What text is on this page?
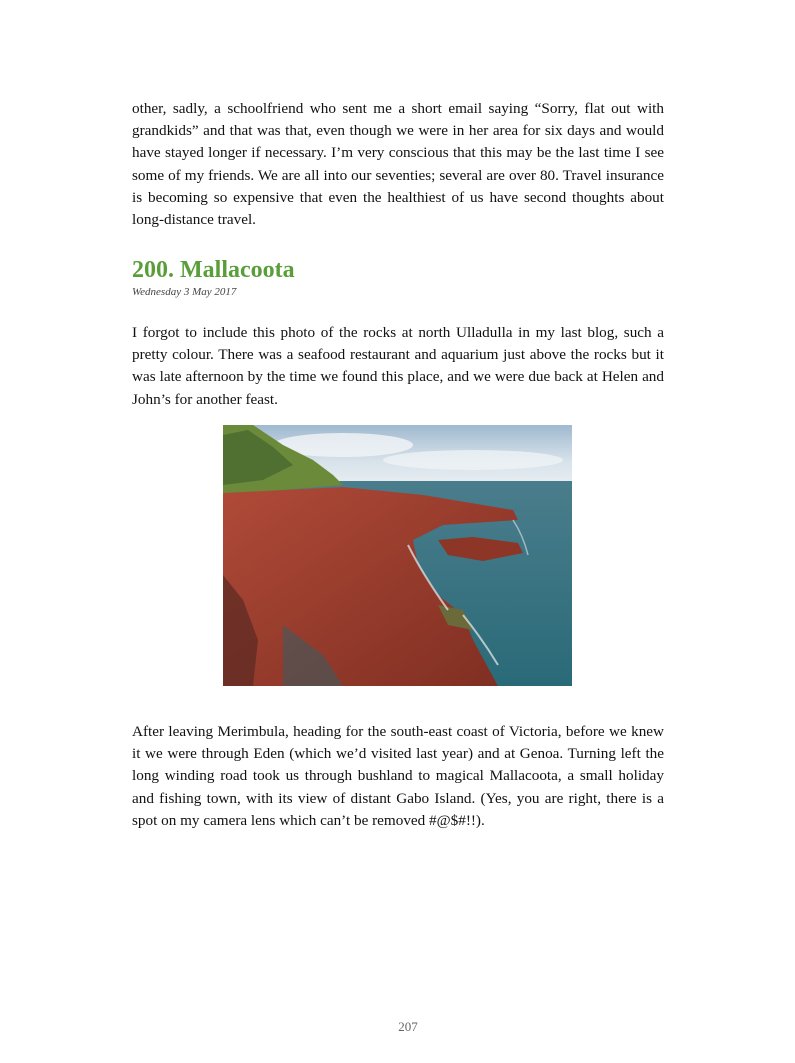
other, sadly, a schoolfriend who sent me a short email saying “Sorry, flat out with grandkids” and that was that, even though we were in her area for six days and would have stayed longer if necessary. I’m very conscious that this may be the last time I see some of my friends. We are all into our seventies; several are over 80. Travel insurance is becoming so expensive that even the healthiest of us have second thoughts about long-distance travel.

200. Mallacoota
Wednesday 3 May 2017

I forgot to include this photo of the rocks at north Ulladulla in my last blog, such a pretty colour. There was a seafood restaurant and aquarium just above the rocks but it was late afternoon by the time we found this place, and we were due back at Helen and John’s for another feast.

After leaving Merimbula, heading for the south-east coast of Victoria, before we knew it we were through Eden (which we’d visited last year) and at Genoa. Turning left the long winding road took us through bushland to magical Mallacoota, a small holiday and fishing town, with its view of distant Gabo Island. (Yes, you are right, there is a spot on my camera lens which can’t be removed #@$#!!).

207
